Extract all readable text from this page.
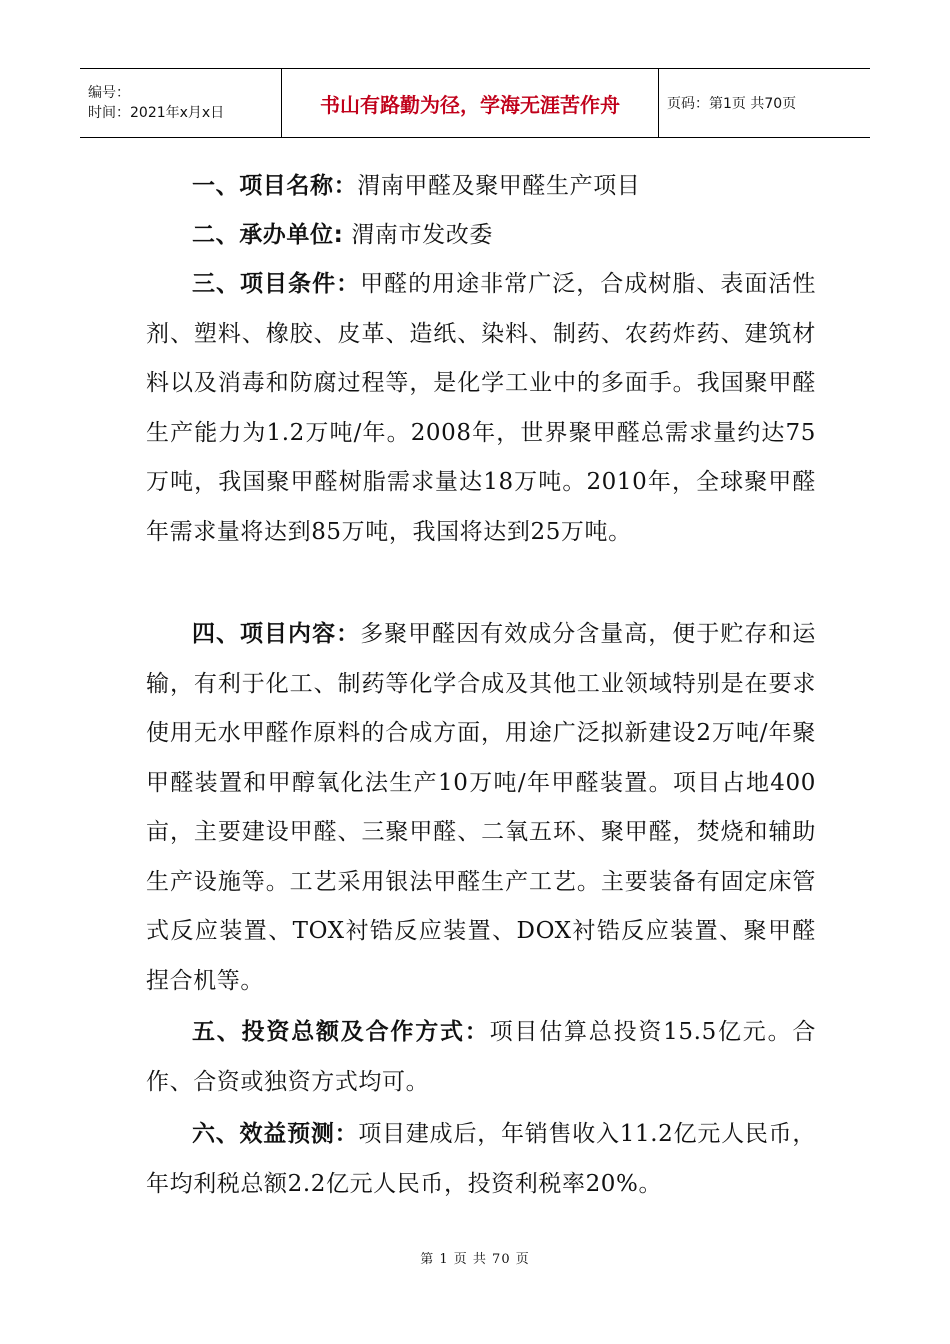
编号：
时间：2021年x月x日	书山有路勤为径，学海无涯苦作舟	页码：第1页 共70页

一、项目名称：渭南甲醛及聚甲醛生产项目

二、承办单位: 渭南市发改委

三、项目条件：甲醛的用途非常广泛，合成树脂、表面活性剂、塑料、橡胶、皮革、造纸、染料、制药、农药炸药、建筑材料以及消毒和防腐过程等，是化学工业中的多面手。我国聚甲醛生产能力为1.2万吨/年。2008年，世界聚甲醛总需求量约达75万吨，我国聚甲醛树脂需求量达18万吨。2010年，全球聚甲醛年需求量将达到85万吨，我国将达到25万吨。

四、项目内容：多聚甲醛因有效成分含量高，便于贮存和运输，有利于化工、制药等化学合成及其他工业领域特别是在要求使用无水甲醛作原料的合成方面，用途广泛拟新建设2万吨/年聚甲醛装置和甲醇氧化法生产10万吨/年甲醛装置。项目占地400亩，主要建设甲醛、三聚甲醛、二氧五环、聚甲醛，焚烧和辅助生产设施等。工艺采用银法甲醛生产工艺。主要装备有固定床管式反应装置、TOX衬锆反应装置、DOX衬锆反应装置、聚甲醛捏合机等。

五、投资总额及合作方式：项目估算总投资15.5亿元。合作、合资或独资方式均可。

六、效益预测：项目建成后，年销售收入11.2亿元人民币，年均利税总额2.2亿元人民币，投资利税率20%。

第 1 页 共 70 页
